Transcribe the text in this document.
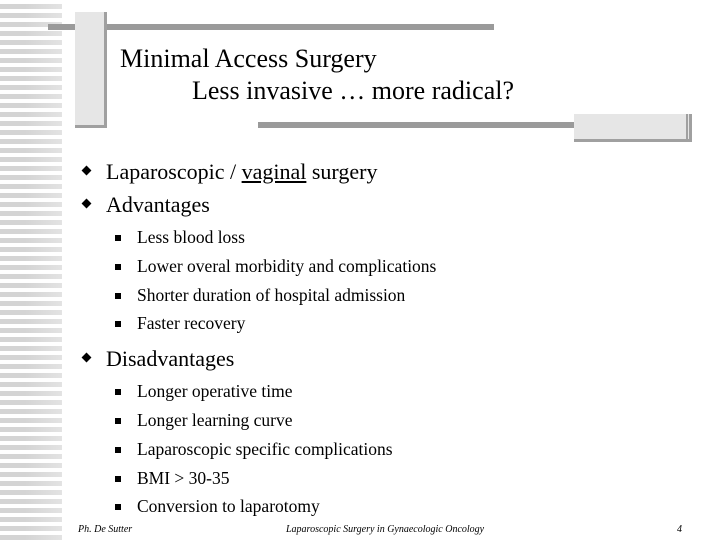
Minimal Access Surgery
Less invasive … more radical?
Laparoscopic / vaginal surgery
Advantages
Less blood loss
Lower overal morbidity and complications
Shorter duration of hospital admission
Faster recovery
Disadvantages
Longer operative time
Longer learning curve
Laparoscopic specific complications
BMI > 30-35
Conversion to laparotomy
Ph. De Sutter	Laparoscopic Surgery in Gynaecologic Oncology	4
